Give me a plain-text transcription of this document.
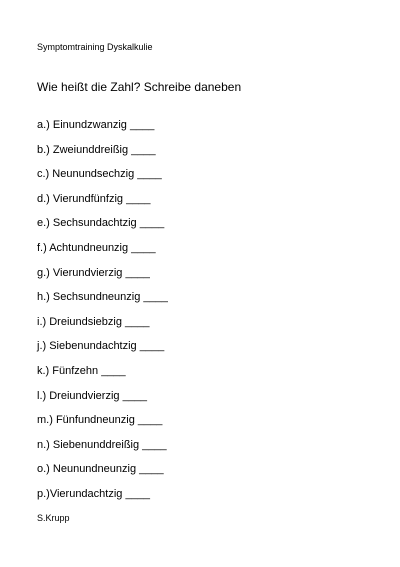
Symptomtraining Dyskalkulie
Wie heißt die Zahl? Schreibe daneben
a.) Einundzwanzig ____
b.) Zweiunddreißig ____
c.) Neunundsechzig ____
d.) Vierundfünfzig ____
e.) Sechsundachtzig ____
f.) Achtundneunzig ____
g.) Vierundvierzig ____
h.) Sechsundneunzig ____
i.) Dreiundsiebzig ____
j.) Siebenundachtzig ____
k.) Fünfzehn ____
l.) Dreiundvierzig ____
m.) Fünfundneunzig ____
n.) Siebenunddreißig ____
o.) Neunundneunzig ____
p.)Vierundachtzig ____
S.Krupp
